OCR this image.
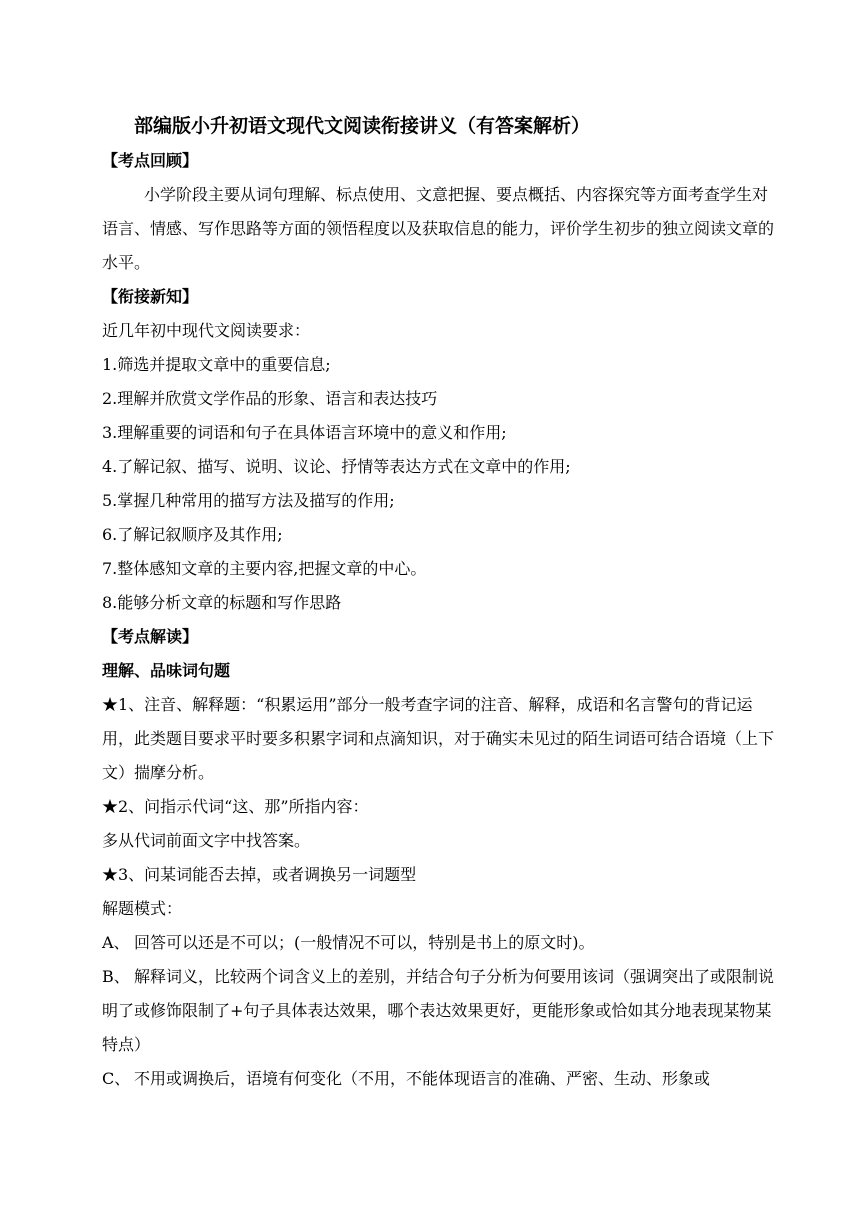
部编版小升初语文现代文阅读衔接讲义（有答案解析）
【考点回顾】

小学阶段主要从词句理解、标点使用、文意把握、要点概括、内容探究等方面考查学生对语言、情感、写作思路等方面的领悟程度以及获取信息的能力，评价学生初步的独立阅读文章的水平。

【衔接新知】
近几年初中现代文阅读要求：
1.筛选并提取文章中的重要信息;
2.理解并欣赏文学作品的形象、语言和表达技巧
3.理解重要的词语和句子在具体语言环境中的意义和作用;
4.了解记叙、描写、说明、议论、抒情等表达方式在文章中的作用;
5.掌握几种常用的描写方法及描写的作用;
6.了解记叙顺序及其作用;
7.整体感知文章的主要内容,把握文章的中心。
8.能够分析文章的标题和写作思路
【考点解读】
理解、品味词句题

★1、注音、解释题：“积累运用”部分一般考查字词的注音、解释，成语和名言警句的背记运用，此类题目要求平时要多积累字词和点滴知识，对于确实未见过的陌生词语可结合语境（上下文）揣摩分析。

★2、问指示代词“这、那”所指内容：
多从代词前面文字中找答案。
★3、问某词能否去掉，或者调换另一词题型
解题模式：

A、 回答可以还是不可以；(一般情况不可以，特别是书上的原文时)。

B、 解释词义，比较两个词含义上的差别，并结合句子分析为何要用该词（强调突出了或限制说明了或修饰限制了+句子具体表达效果，哪个表达效果更好，更能形象或恰如其分地表现某物某特点）

C、 不用或调换后，语境有何变化（不用，不能体现语言的准确、严密、生动、形象或
